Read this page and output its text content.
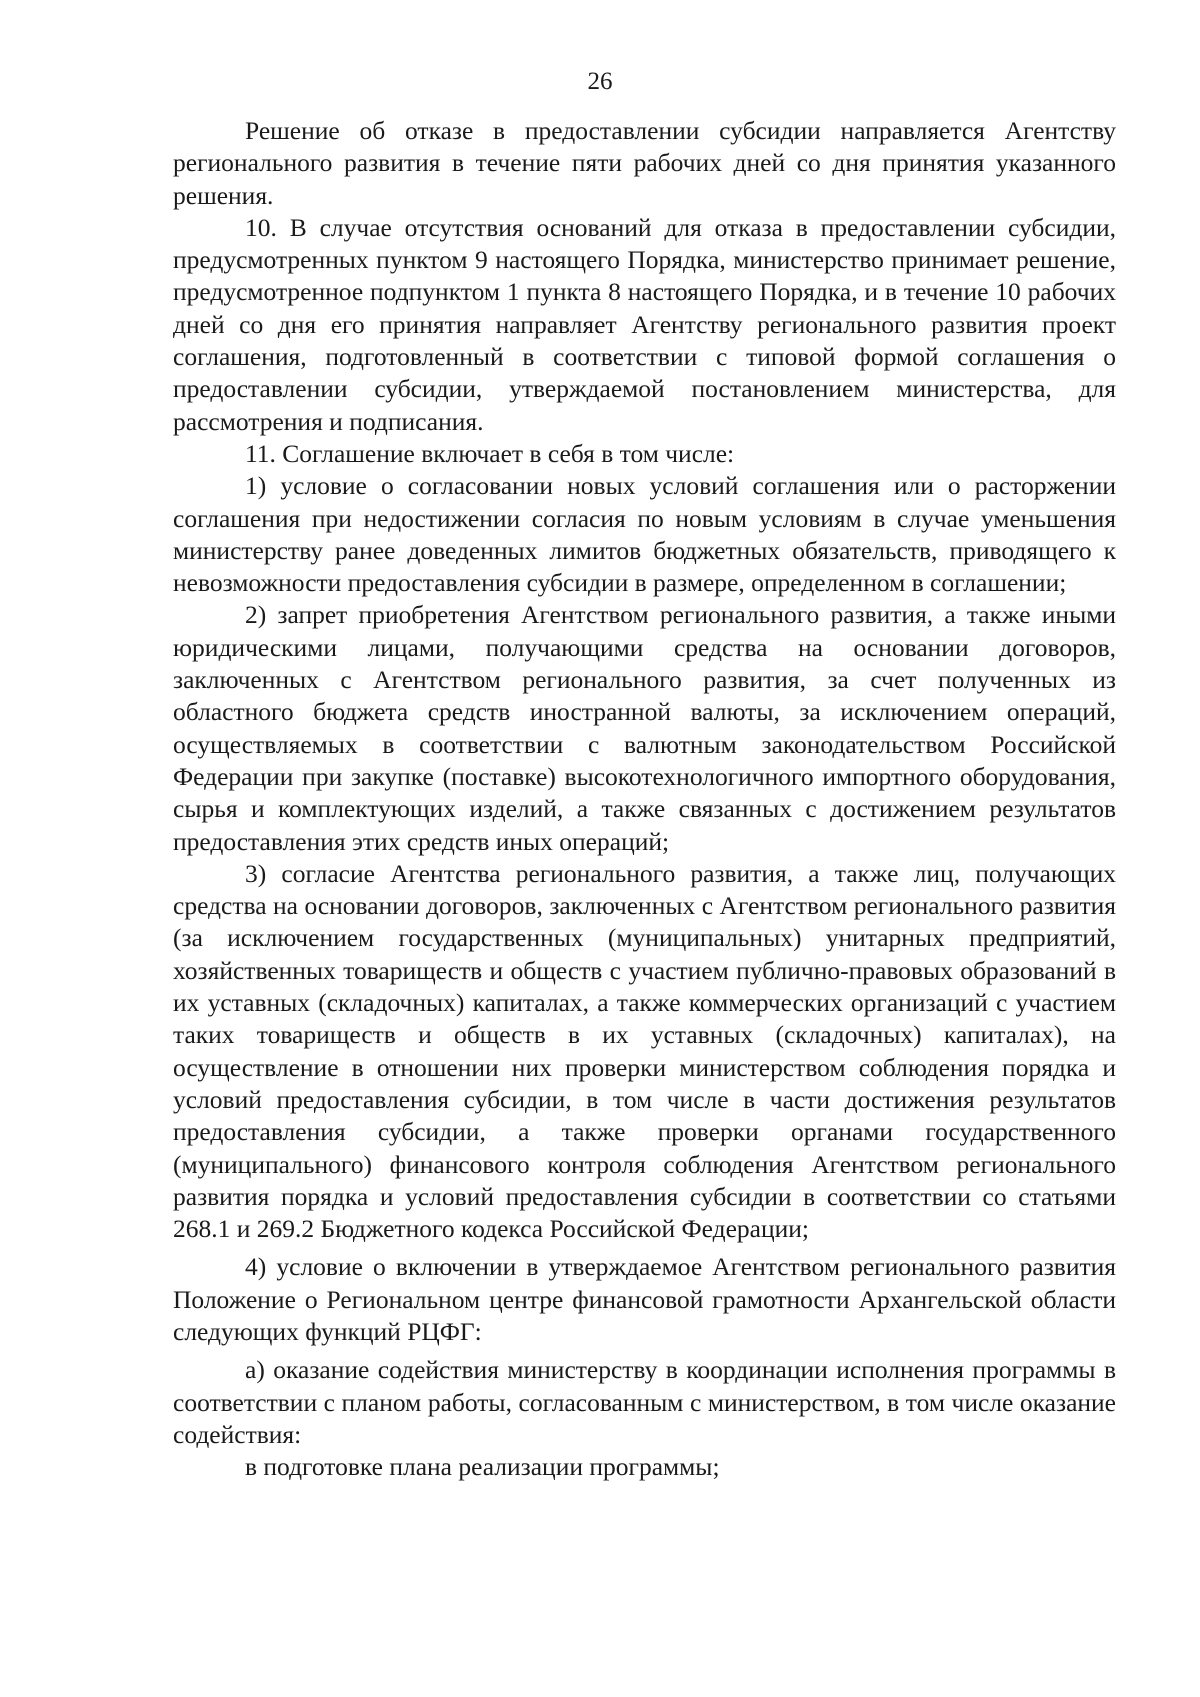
26

Решение об отказе в предоставлении субсидии направляется Агентству регионального развития в течение пяти рабочих дней со дня принятия указанного решения.

10. В случае отсутствия оснований для отказа в предоставлении субсидии, предусмотренных пунктом 9 настоящего Порядка, министерство принимает решение, предусмотренное подпунктом 1 пункта 8 настоящего Порядка, и в течение 10 рабочих дней со дня его принятия направляет Агентству регионального развития проект соглашения, подготовленный в соответствии с типовой формой соглашения о предоставлении субсидии, утверждаемой постановлением министерства, для рассмотрения и подписания.

11. Соглашение включает в себя в том числе:

1) условие о согласовании новых условий соглашения или о расторжении соглашения при недостижении согласия по новым условиям в случае уменьшения министерству ранее доведенных лимитов бюджетных обязательств, приводящего к невозможности предоставления субсидии в размере, определенном в соглашении;

2) запрет приобретения Агентством регионального развития, а также иными юридическими лицами, получающими средства на основании договоров, заключенных с Агентством регионального развития, за счет полученных из областного бюджета средств иностранной валюты, за исключением операций, осуществляемых в соответствии с валютным законодательством Российской Федерации при закупке (поставке) высокотехнологичного импортного оборудования, сырья и комплектующих изделий, а также связанных с достижением результатов предоставления этих средств иных операций;

3) согласие Агентства регионального развития, а также лиц, получающих средства на основании договоров, заключенных с Агентством регионального развития (за исключением государственных (муниципальных) унитарных предприятий, хозяйственных товариществ и обществ с участием публично-правовых образований в их уставных (складочных) капиталах, а также коммерческих организаций с участием таких товариществ и обществ в их уставных (складочных) капиталах), на осуществление в отношении них проверки министерством соблюдения порядка и условий предоставления субсидии, в том числе в части достижения результатов предоставления субсидии, а также проверки органами государственного (муниципального) финансового контроля соблюдения Агентством регионального развития порядка и условий предоставления субсидии в соответствии со статьями 268.1 и 269.2 Бюджетного кодекса Российской Федерации;

4) условие о включении в утверждаемое Агентством регионального развития Положение о Региональном центре финансовой грамотности Архангельской области следующих функций РЦФГ:

а) оказание содействия министерству в координации исполнения программы в соответствии с планом работы, согласованным с министерством, в том числе оказание содействия:

в подготовке плана реализации программы;
